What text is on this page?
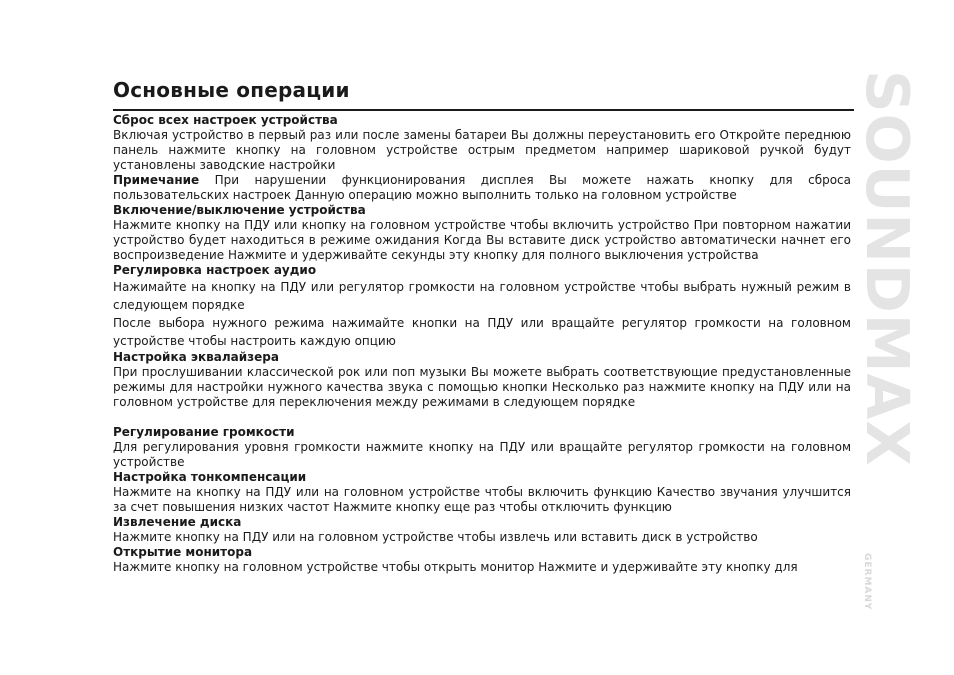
Основные операции

Сброс всех настроек устройства

Включая устройство в первый раз или после замены батареи Вы должны переустановить его Откройте переднюю панель нажмите кнопку на головном устройстве острым предметом например шариковой ручкой будут установлены заводские настройки

Примечание При нарушении функционирования дисплея Вы можете нажать кнопку для сброса пользовательских настроек Данную операцию можно выполнить только на головном устройстве

Включение/выключение устройства

Нажмите кнопку на ПДУ или кнопку на головном устройстве чтобы включить устройство При повторном нажатии устройство будет находиться в режиме ожидания Когда Вы вставите диск устройство автоматически начнет его воспроизведение Нажмите и удерживайте секунды эту кнопку для полного выключения устройства

Регулировка настроек аудио

Нажимайте на кнопку на ПДУ или регулятор громкости на головном устройстве чтобы выбрать нужный режим в следующем порядке

После выбора нужного режима нажимайте кнопки на ПДУ или вращайте регулятор громкости на головном устройстве чтобы настроить каждую опцию

Настройка эквалайзера

При прослушивании классической рок или поп музыки Вы можете выбрать соответствующие предустановленные режимы для настройки нужного качества звука с помощью кнопки Несколько раз нажмите кнопку на ПДУ или на головном устройстве для переключения между режимами в следующем порядке

Регулирование громкости

Для регулирования уровня громкости нажмите кнопку на ПДУ или вращайте регулятор громкости на головном устройстве

Настройка тонкомпенсации

Нажмите на кнопку на ПДУ или на головном устройстве чтобы включить функцию Качество звучания улучшится за счет повышения низких частот Нажмите кнопку еще раз чтобы отключить функцию

Извлечение диска

Нажмите кнопку на ПДУ или на головном устройстве чтобы извлечь или вставить диск в устройство

Открытие монитора

Нажмите кнопку на головном устройстве чтобы открыть монитор Нажмите и удерживайте эту кнопку для

SOUNDMAX
GERMANY
